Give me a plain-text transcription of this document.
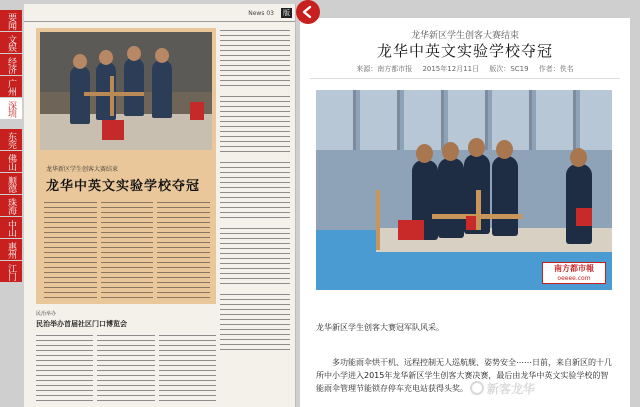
要闻
文娱
经济
广州
深圳
东莞
佛山
顺德
珠海
中山
惠州
江门
News 03 版
龙华新区学生创客大赛结束
龙华中英文实验学校夺冠
民治举办
民治举办首届社区门口博览会
龙华新区学生创客大赛结束
龙华中英文实验学校夺冠
来源：南方都市报 2015年12月11日 版次：SC19 作者：佚名
南方都市報
oeeee.com
龙华新区学生创客大赛冠军队风采。
多功能雨伞烘干机、远程控制无人巡航舰、姿势安全⋯⋯日前，来自新区的十几所中小学进入2015年龙华新区学生创客大赛决赛，最后由龙华中英文实验学校的智能雨伞管理节能锁存停车充电站获得头奖。	新客龙华
